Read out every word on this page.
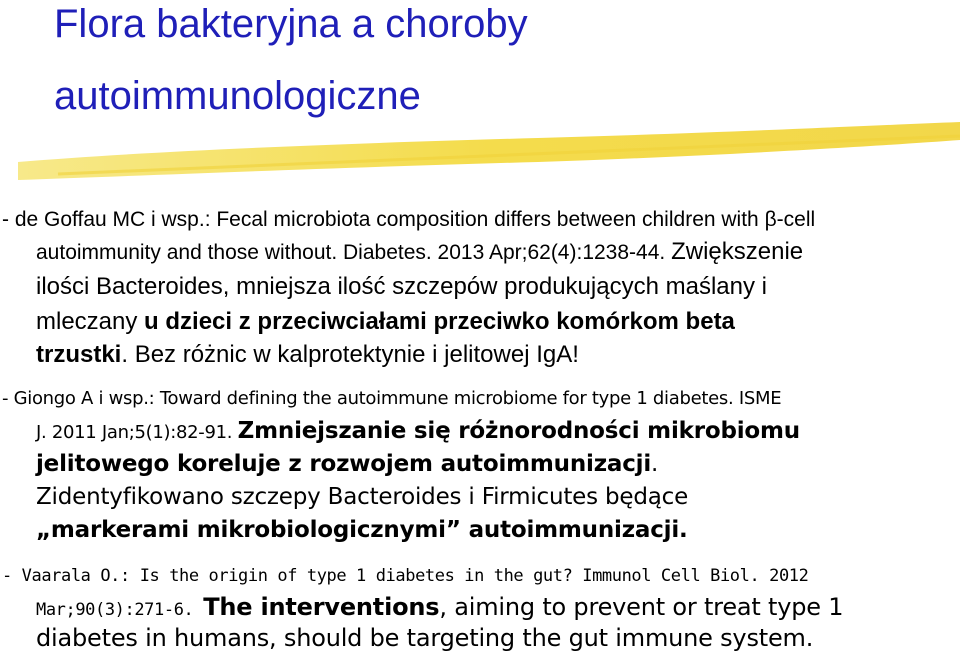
Flora bakteryjna a choroby
autoimmunologiczne
- de Goffau MC i wsp.: Fecal microbiota composition differs between children with β-cell
autoimmunity and those without. Diabetes. 2013 Apr;62(4):1238-44. Zwiększenie
ilości Bacteroides, mniejsza ilość szczepów produkujących maślany i
mleczany u dzieci z przeciwciałami przeciwko komórkom beta
trzustki. Bez różnic w kalprotektynie i jelitowej IgA!
- Giongo A i wsp.: Toward defining the autoimmune microbiome for type 1 diabetes. ISME
J. 2011 Jan;5(1):82-91. Zmniejszanie się różnorodności mikrobiomu
jelitowego koreluje z rozwojem autoimmunizacji.
Zidentyfikowano szczepy Bacteroides i Firmicutes będące
„markerami mikrobiologicznymi” autoimmunizacji.
- Vaarala O.: Is the origin of type 1 diabetes in the gut? Immunol Cell Biol. 2012
Mar;90(3):271-6. The interventions, aiming to prevent or treat type 1
diabetes in humans, should be targeting the gut immune system.
